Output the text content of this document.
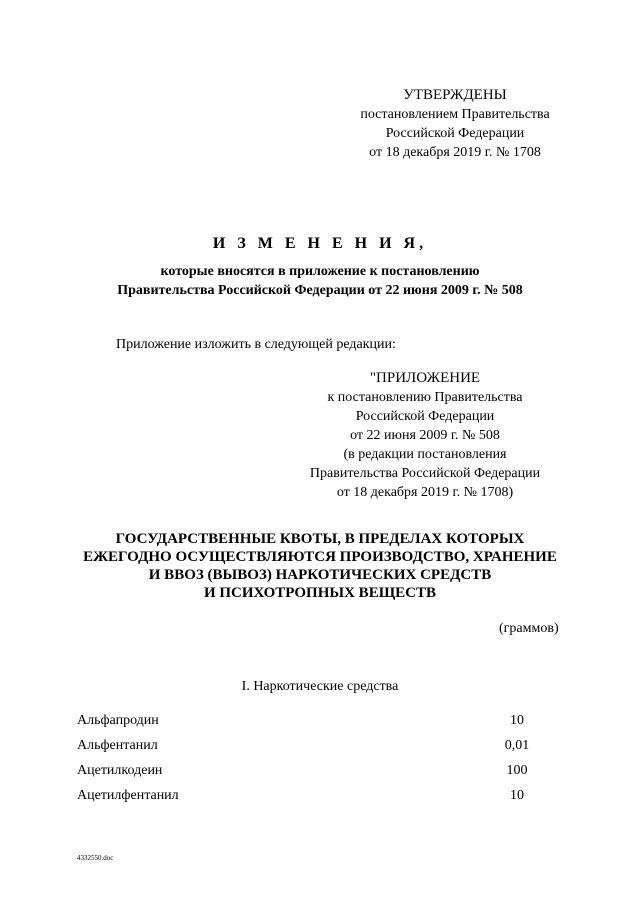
УТВЕРЖДЕНЫ
постановлением Правительства
Российской Федерации
от 18 декабря 2019 г. № 1708
И З М Е Н Е Н И Я,
которые вносятся в приложение к постановлению
Правительства Российской Федерации от 22 июня 2009 г. № 508
Приложение изложить в следующей редакции:
"ПРИЛОЖЕНИЕ
к постановлению Правительства
Российской Федерации
от 22 июня 2009 г. № 508
(в редакции постановления
Правительства Российской Федерации
от 18 декабря 2019 г. № 1708)
ГОСУДАРСТВЕННЫЕ КВОТЫ, В ПРЕДЕЛАХ КОТОРЫХ
ЕЖЕГОДНО ОСУЩЕСТВЛЯЮТСЯ ПРОИЗВОДСТВО, ХРАНЕНИЕ
И ВВОЗ (ВЫВОЗ) НАРКОТИЧЕСКИХ СРЕДСТВ
И ПСИХОТРОПНЫХ ВЕЩЕСТВ
(граммов)
I. Наркотические средства
Альфапродин	10
Альфентанил	0,01
Ацетилкодеин	100
Ацетилфентанил	10
4332550.doc
